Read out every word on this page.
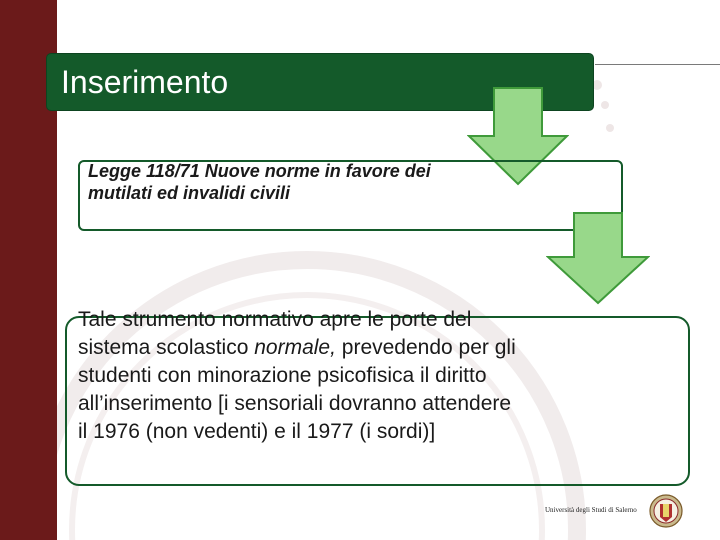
Inserimento
Legge 118/71 Nuove norme in favore dei mutilati ed invalidi civili
Tale strumento normativo apre le porte del sistema scolastico normale, prevedendo per gli studenti con minorazione psicofisica il diritto all’inserimento [i sensoriali dovranno attendere il 1976 (non vedenti) e il 1977 (i sordi)]
Università degli Studi di Salerno
